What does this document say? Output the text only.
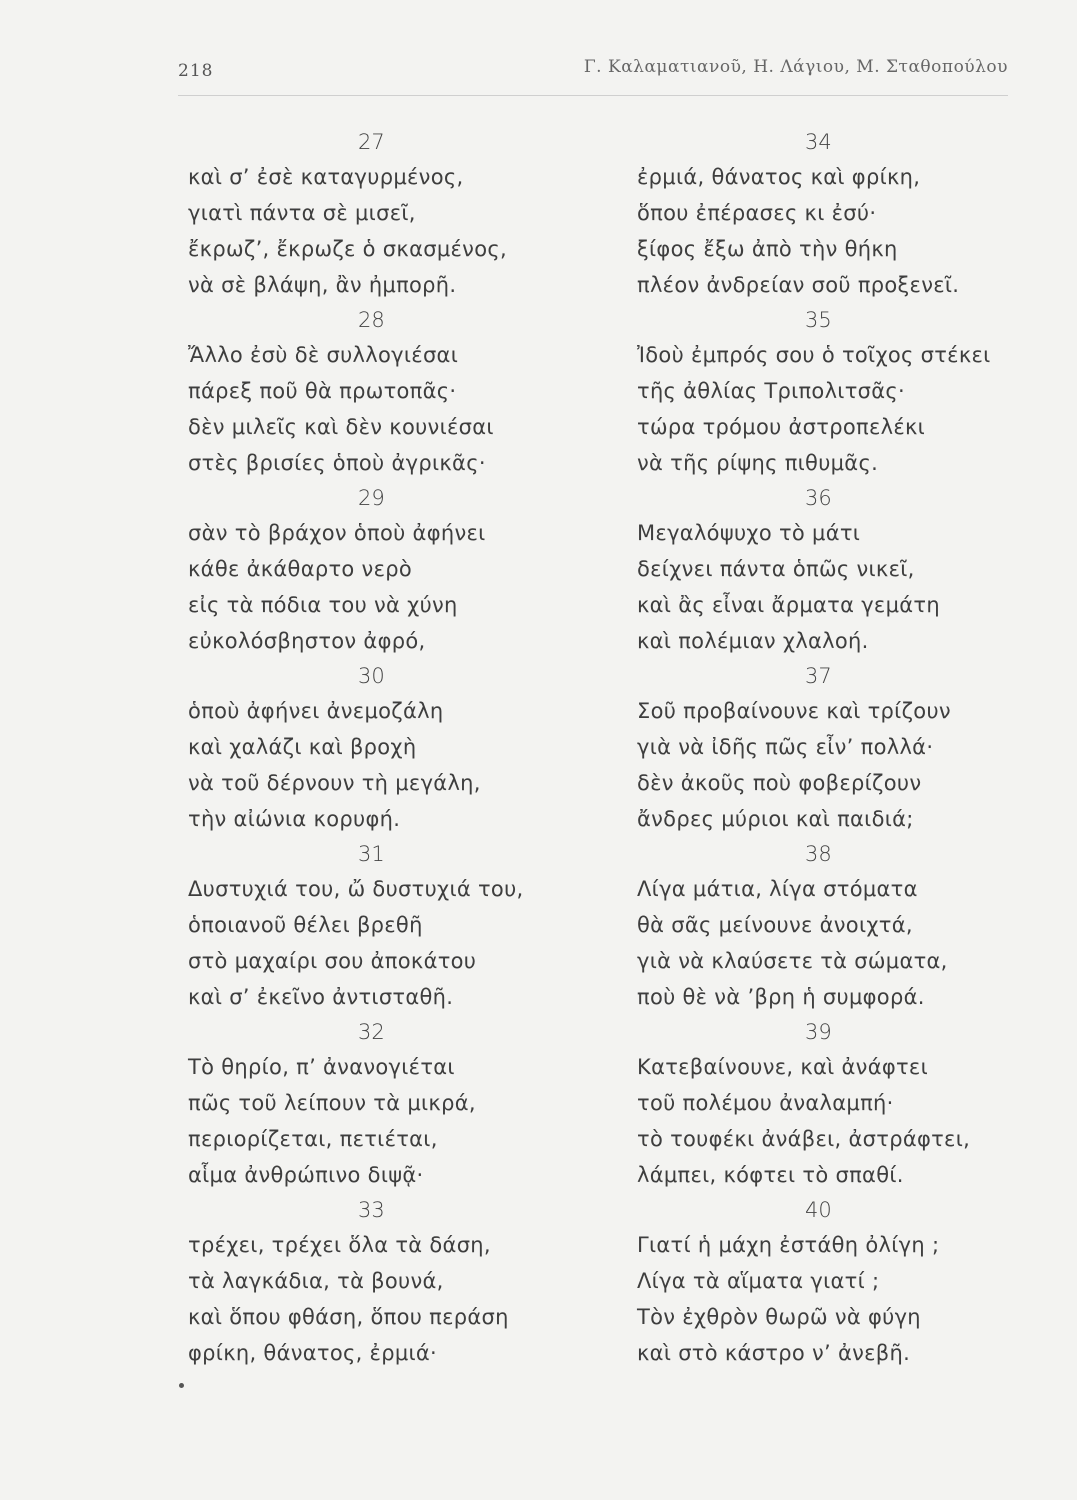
218	Γ. Καλαματιανοῦ, Η. Λάγιου, Μ. Σταθοπούλου
27
καὶ σ’ ἐσὲ καταγυρμένος,
γιατὶ πάντα σὲ μισεῖ,
ἔκρωζ’, ἔκρωζε ὁ σκασμένος,
νὰ σὲ βλάψη, ἂν ἠμπορῆ.
28
Ἄλλο ἐσὺ δὲ συλλογιέσαι
πάρεξ ποῦ θὰ πρωτοπᾶς·
δὲν μιλεῖς καὶ δὲν κουνιέσαι
στὲς βρισίες ὁποὺ ἀγρικᾶς·
29
σὰν τὸ βράχον ὁποὺ ἀφήνει
κάθε ἀκάθαρτο νερὸ
εἰς τὰ πόδια του νὰ χύνη
εὐκολόσβηστον ἀφρό,
30
ὁποὺ ἀφήνει ἀνεμοζάλη
καὶ χαλάζι καὶ βροχὴ
νὰ τοῦ δέρνουν τὴ μεγάλη,
τὴν αἰώνια κορυφή.
31
Δυστυχιά του, ὤ δυστυχιά του,
ὁποιανοῦ θέλει βρεθῆ
στὸ μαχαίρι σου ἀποκάτου
καὶ σ’ ἐκεῖνο ἀντισταθῆ.
32
Τὸ θηρίο, π’ ἀνανογιέται
πῶς τοῦ λείπουν τὰ μικρά,
περιορίζεται, πετιέται,
αἷμα ἀνθρώπινο διψᾷ·
33
τρέχει, τρέχει ὅλα τὰ δάση,
τὰ λαγκάδια, τὰ βουνά,
καὶ ὅπου φθάση, ὅπου περάση
φρίκη, θάνατος, ἐρμιά·
34
ἐρμιά, θάνατος καὶ φρίκη,
ὅπου ἐπέρασες κι ἐσύ·
ξίφος ἔξω ἀπὸ τὴν θήκη
πλέον ἀνδρείαν σοῦ προξενεῖ.
35
Ἰδοὺ ἐμπρός σου ὁ τοῖχος στέκει
τῆς ἀθλίας Τριπολιτσᾶς·
τώρα τρόμου ἀστροπελέκι
νὰ τῆς ρίψης πιθυμᾶς.
36
Μεγαλόψυχο τὸ μάτι
δείχνει πάντα ὁπῶς νικεῖ,
καὶ ἂς εἶναι ἄρματα γεμάτη
καὶ πολέμιαν χλαλοή.
37
Σοῦ προβαίνουνε καὶ τρίζουν
γιὰ νὰ ἰδῆς πῶς εἶν’ πολλά·
δὲν ἀκοῦς ποὺ φοβερίζουν
ἄνδρες μύριοι καὶ παιδιά;
38
Λίγα μάτια, λίγα στόματα
θὰ σᾶς μείνουνε ἀνοιχτά,
γιὰ νὰ κλαύσετε τὰ σώματα,
ποὺ θὲ νὰ ’βρη ἡ συμφορά.
39
Κατεβαίνουνε, καὶ ἀνάφτει
τοῦ πολέμου ἀναλαμπή·
τὸ τουφέκι ἀνάβει, ἀστράφτει,
λάμπει, κόφτει τὸ σπαθί.
40
Γιατί ἡ μάχη ἐστάθη ὀλίγη ;
Λίγα τὰ αἵματα γιατί ;
Τὸν ἐχθρὸν θωρῶ νὰ φύγη
καὶ στὸ κάστρο ν’ ἀνεβῆ.
